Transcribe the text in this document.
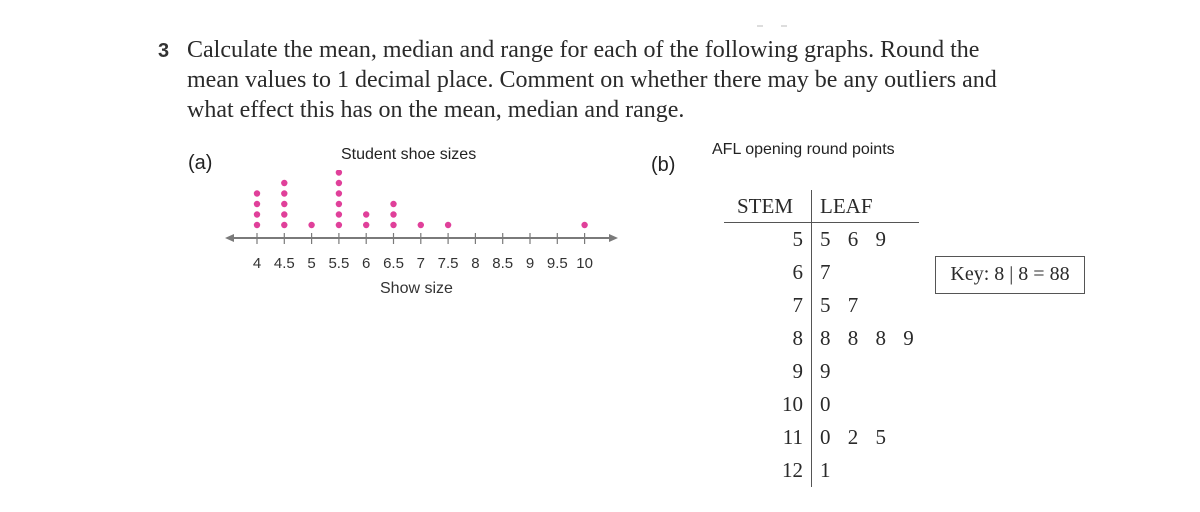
3 Calculate the mean, median and range for each of the following graphs. Round the
mean values to 1 decimal place. Comment on whether there may be any outliers and
what effect this has on the mean, median and range.
(a)	Student shoe sizes
4 4.5 5 5.5 6 6.5 7 7.5 8 8.5 9 9.5 10
Show size
(b)
AFL opening round points
STEM LEAF
5 5 6 9
6 7
7 5 7
8 8 8 8 9
9 9
10 0
11 0 2 5
12 1
Key: 8 | 8 = 88
